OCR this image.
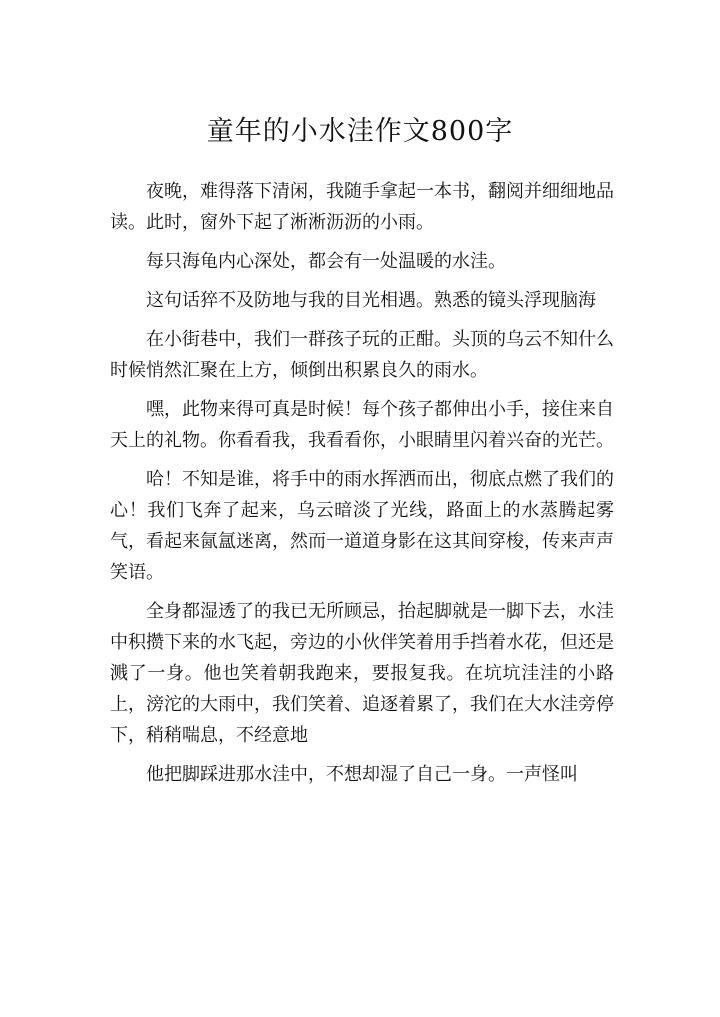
童年的小水洼作文800字

夜晚，难得落下清闲，我随手拿起一本书，翻阅并细细地品读。此时，窗外下起了淅淅沥沥的小雨。

每只海龟内心深处，都会有一处温暖的水洼。

这句话猝不及防地与我的目光相遇。熟悉的镜头浮现脑海

在小街巷中，我们一群孩子玩的正酣。头顶的乌云不知什么时候悄然汇聚在上方，倾倒出积累良久的雨水。

嘿，此物来得可真是时候！每个孩子都伸出小手，接住来自天上的礼物。你看看我，我看看你，小眼睛里闪着兴奋的光芒。

哈！不知是谁，将手中的雨水挥洒而出，彻底点燃了我们的心！我们飞奔了起来，乌云暗淡了光线，路面上的水蒸腾起雾气，看起来氤氲迷离，然而一道道身影在这其间穿梭，传来声声笑语。

全身都湿透了的我已无所顾忌，抬起脚就是一脚下去，水洼中积攒下来的水飞起，旁边的小伙伴笑着用手挡着水花，但还是溅了一身。他也笑着朝我跑来，要报复我。在坑坑洼洼的小路上，滂沱的大雨中，我们笑着、追逐着累了，我们在大水洼旁停下，稍稍喘息，不经意地

他把脚踩进那水洼中，不想却湿了自己一身。一声怪叫
